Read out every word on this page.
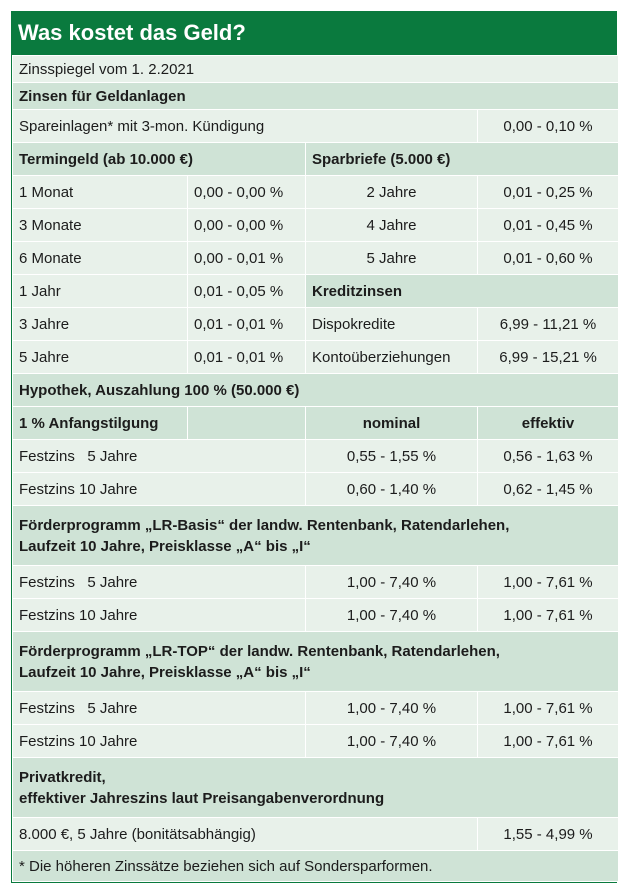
Was kostet das Geld?
Zinsspiegel vom 1. 2.2021			
Zinsen für Geldanlagen			
Spareinlagen* mit 3-mon. Kündigung			0,00 - 0,10 %
Termingeld (ab 10.000 €)		Sparbriefe (5.000 €)	
1 Monat	0,00 - 0,00 %	2 Jahre	0,01 - 0,25 %
3 Monate	0,00 - 0,00 %	4 Jahre	0,01 - 0,45 %
6 Monate	0,00 - 0,01 %	5 Jahre	0,01 - 0,60 %
1 Jahr	0,01 - 0,05 %	Kreditzinsen	
3 Jahre	0,01 - 0,01 %	Dispokredite	6,99 - 11,21 %
5 Jahre	0,01 - 0,01 %	Kontoüberziehungen	6,99 - 15,21 %
Hypothek, Auszahlung 100 % (50.000 €)			
1 % Anfangstilgung		nominal	effektiv
Festzins   5 Jahre		0,55 - 1,55 %	0,56 - 1,63 %
Festzins 10 Jahre		0,60 - 1,40 %	0,62 - 1,45 %

Förderprogramm „LR-Basis“ der landw. Rentenbank, Ratendarlehen,
Laufzeit 10 Jahre, Preisklasse „A“ bis „I“			

Festzins   5 Jahre		1,00 - 7,40 %	1,00 - 7,61 %
Festzins 10 Jahre		1,00 - 7,40 %	1,00 - 7,61 %

Förderprogramm „LR-TOP“ der landw. Rentenbank, Ratendarlehen,
Laufzeit 10 Jahre, Preisklasse „A“ bis „I“			

Festzins   5 Jahre		1,00 - 7,40 %	1,00 - 7,61 %
Festzins 10 Jahre		1,00 - 7,40 %	1,00 - 7,61 %

Privatkredit,
effektiver Jahreszins laut Preisangabenverordnung			

8.000 €, 5 Jahre (bonitätsabhängig)			1,55 - 4,99 %
* Die höheren Zinssätze beziehen sich auf Sondersparformen.			
